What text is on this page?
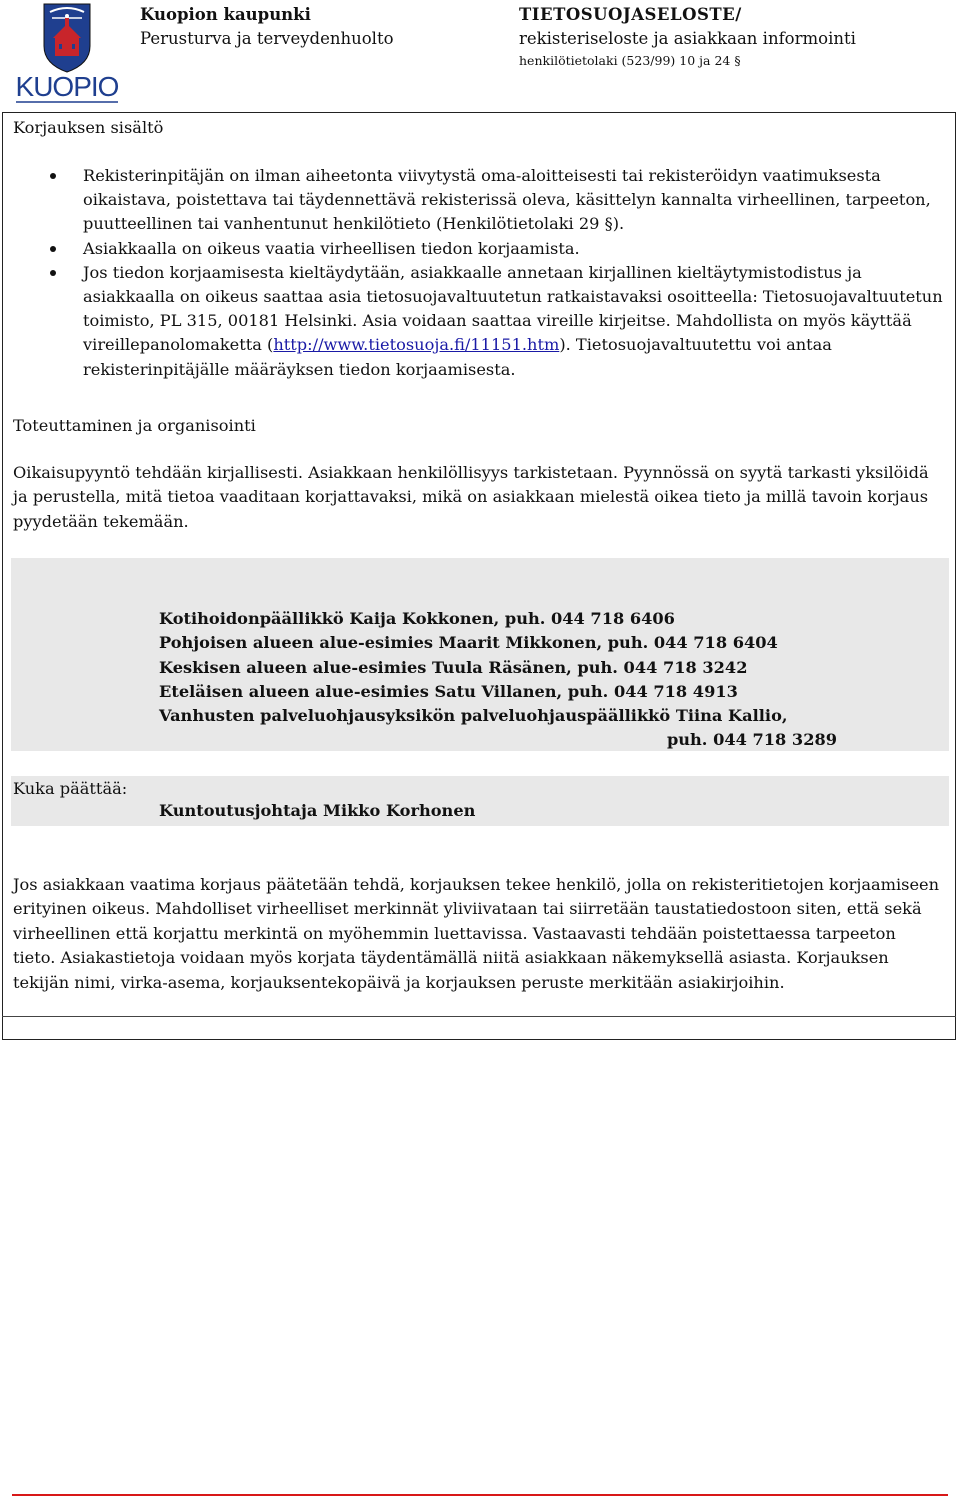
KUOPIO
Kuopion kaupunki
Perusturva ja terveydenhuolto
TIETOSUOJASELOSTE/
rekisteriseloste ja asiakkaan informointi
henkilötietolaki (523/99) 10 ja 24 §
Korjauksen sisältö
Rekisterinpitäjän on ilman aiheetonta viivytystä oma-aloitteisesti tai rekisteröidyn vaatimuksesta oikaistava, poistettava tai täydennettävä rekisterissä oleva, käsittelyn kannalta virheellinen, tarpeeton, puutteellinen tai vanhentunut henkilötieto (Henkilötietolaki 29 §).
Asiakkaalla on oikeus vaatia virheellisen tiedon korjaamista.
Jos tiedon korjaamisesta kieltäydytään, asiakkaalle annetaan kirjallinen kieltäytymistodistus ja asiakkaalla on oikeus saattaa asia tietosuojavaltuutetun ratkaistavaksi osoitteella: Tietosuojavaltuutetun toimisto, PL 315, 00181 Helsinki. Asia voidaan saattaa vireille kirjeitse. Mahdollista on myös käyttää vireillepanolomaketta (http://www.tietosuoja.fi/11151.htm). Tietosuojavaltuutettu voi antaa rekisterinpitäjälle määräyksen tiedon korjaamisesta.
Toteuttaminen ja organisointi
Oikaisupyyntö tehdään kirjallisesti. Asiakkaan henkilöllisyys tarkistetaan. Pyynnössä on syytä tarkasti yksilöidä ja perustella, mitä tietoa vaaditaan korjattavaksi, mikä on asiakkaan mielestä oikea tieto ja millä tavoin korjaus pyydetään tekemään.
Kotihoidonpäällikkö Kaija Kokkonen, puh. 044 718 6406
Pohjoisen alueen alue-esimies Maarit Mikkonen, puh. 044 718 6404
Keskisen alueen alue-esimies Tuula Räsänen, puh. 044 718 3242
Eteläisen alueen alue-esimies Satu Villanen, puh. 044 718 4913
Vanhusten palveluohjausyksikön palveluohjauspäällikkö Tiina Kallio,
puh. 044 718 3289
Kuka päättää:
Kuntoutusjohtaja Mikko Korhonen
Jos asiakkaan vaatima korjaus päätetään tehdä, korjauksen tekee henkilö, jolla on rekisteritietojen korjaamiseen erityinen oikeus. Mahdolliset virheelliset merkinnät yliviivataan tai siirretään taustatiedostoon siten, että sekä virheellinen että korjattu merkintä on myöhemmin luettavissa. Vastaavasti tehdään poistettaessa tarpeeton tieto. Asiakastietoja voidaan myös korjata täydentämällä niitä asiakkaan näkemyksellä asiasta. Korjauksen tekijän nimi, virka-asema, korjauksentekopäivä ja korjauksen peruste merkitään asiakirjoihin.
